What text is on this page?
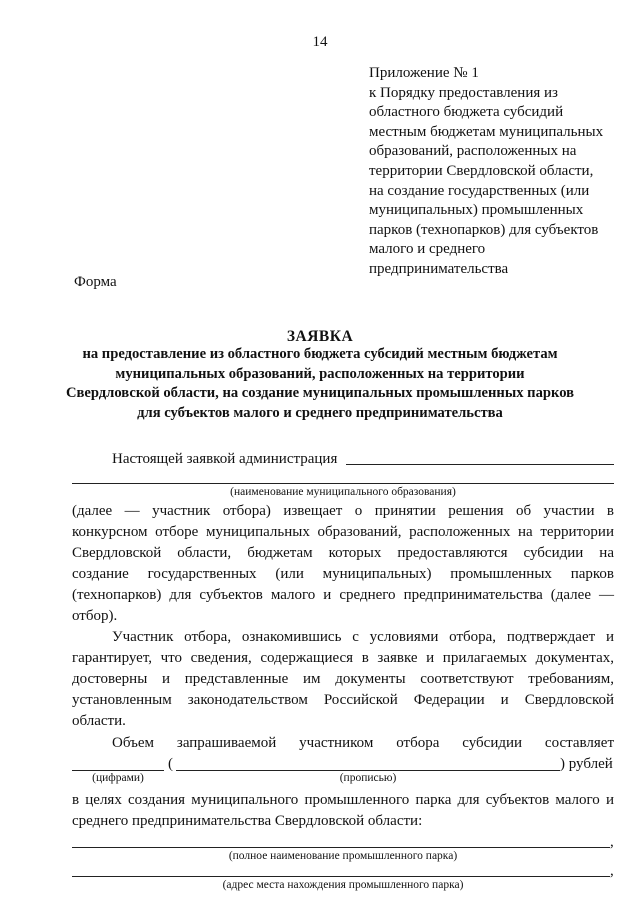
14
Приложение № 1
к Порядку предоставления из
областного бюджета субсидий
местным бюджетам муниципальных
образований, расположенных на
территории Свердловской области,
на создание государственных (или
муниципальных) промышленных
парков (технопарков) для субъектов
малого и среднего
предпринимательства
Форма
ЗАЯВКА
на предоставление из областного бюджета субсидий местным бюджетам
муниципальных образований, расположенных на территории
Свердловской области, на создание муниципальных промышленных парков
для субъектов малого и среднего предпринимательства
Настоящей заявкой администрация
(наименование муниципального образования)
(далее — участник отбора) извещает о принятии решения об участии в
конкурсном отборе муниципальных образований, расположенных на территории
Свердловской области, бюджетам которых предоставляются субсидии на
создание государственных (или муниципальных) промышленных парков
(технопарков) для субъектов малого и среднего предпринимательства (далее —
отбор).
Участник отбора, ознакомившись с условиями отбора, подтверждает и
гарантирует, что сведения, содержащиеся в заявке и прилагаемых документах,
достоверны и представленные им документы соответствуют требованиям,
установленным законодательством Российской Федерации и Свердловской
области.
Объем запрашиваемой участником отбора субсидии составляет
(	) рублей
(цифрами)	(прописью)
в целях создания муниципального промышленного парка для субъектов малого и
среднего предпринимательства Свердловской области:
,
(полное наименование промышленного парка)
,
(адрес места нахождения промышленного парка)
